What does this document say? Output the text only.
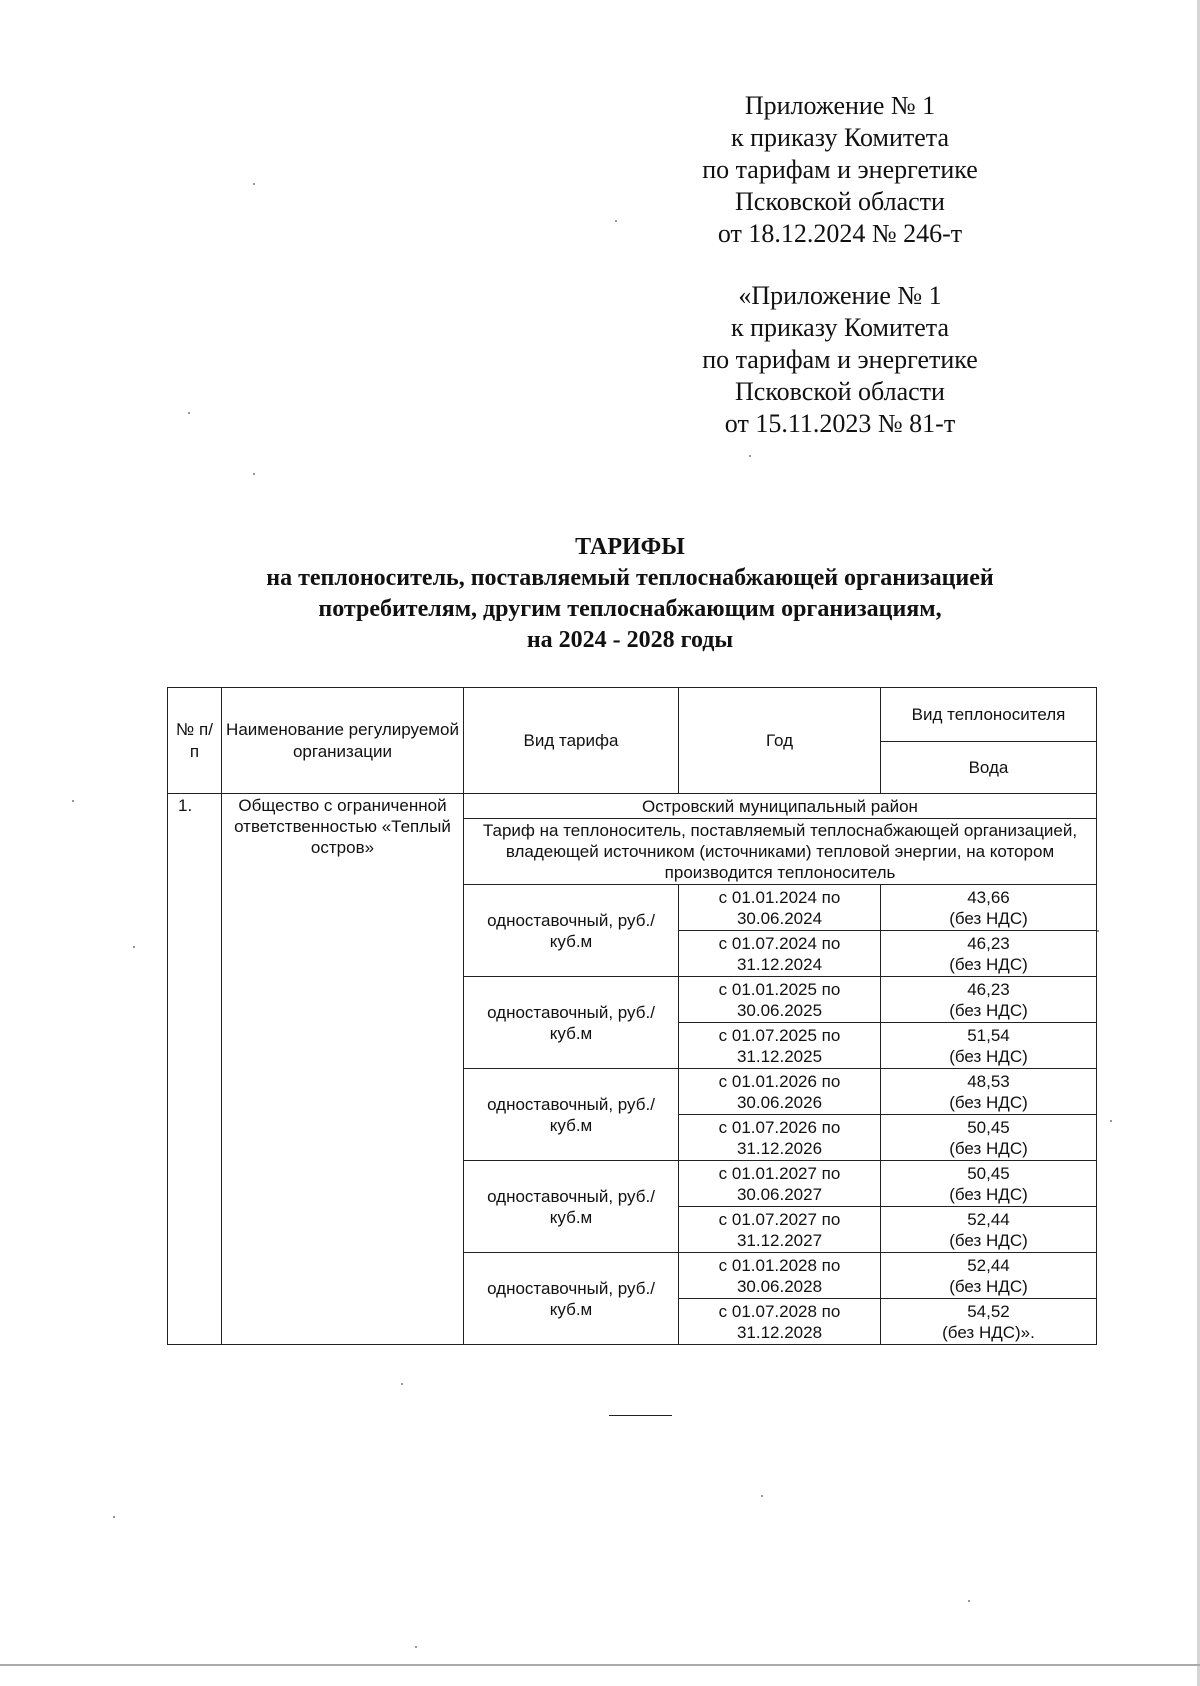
Приложение № 1
к приказу Комитета
по тарифам и энергетике
Псковской области
от 18.12.2024 № 246-т
«Приложение № 1
к приказу Комитета
по тарифам и энергетике
Псковской области
от 15.11.2023 № 81-т
ТАРИФЫ
на теплоноситель, поставляемый теплоснабжающей организацией
потребителям, другим теплоснабжающим организациям,
на 2024 - 2028 годы
№ п/п	Наименование регулируемой организации	Вид тарифа	Год	Вид теплоносителя
				Вода
1.	Общество с ограниченной ответственностью «Теплый остров»	Островский муниципальный район		
		Тариф на теплоноситель, поставляемый теплоснабжающей организацией, владеющей источником (источниками) тепловой энергии, на котором производится теплоноситель		
		одноставочный, руб./куб.м	с 01.01.2024 по 30.06.2024	43,66
(без НДС)
			с 01.07.2024 по 31.12.2024	46,23
(без НДС)
		одноставочный, руб./куб.м	с 01.01.2025 по 30.06.2025	46,23
(без НДС)
			с 01.07.2025 по 31.12.2025	51,54
(без НДС)
		одноставочный, руб./куб.м	с 01.01.2026 по 30.06.2026	48,53
(без НДС)
			с 01.07.2026 по 31.12.2026	50,45
(без НДС)
		одноставочный, руб./куб.м	с 01.01.2027 по 30.06.2027	50,45
(без НДС)
			с 01.07.2027 по 31.12.2027	52,44
(без НДС)
		одноставочный, руб./куб.м	с 01.01.2028 по 30.06.2028	52,44
(без НДС)
			с 01.07.2028 по 31.12.2028	54,52
(без НДС)».
